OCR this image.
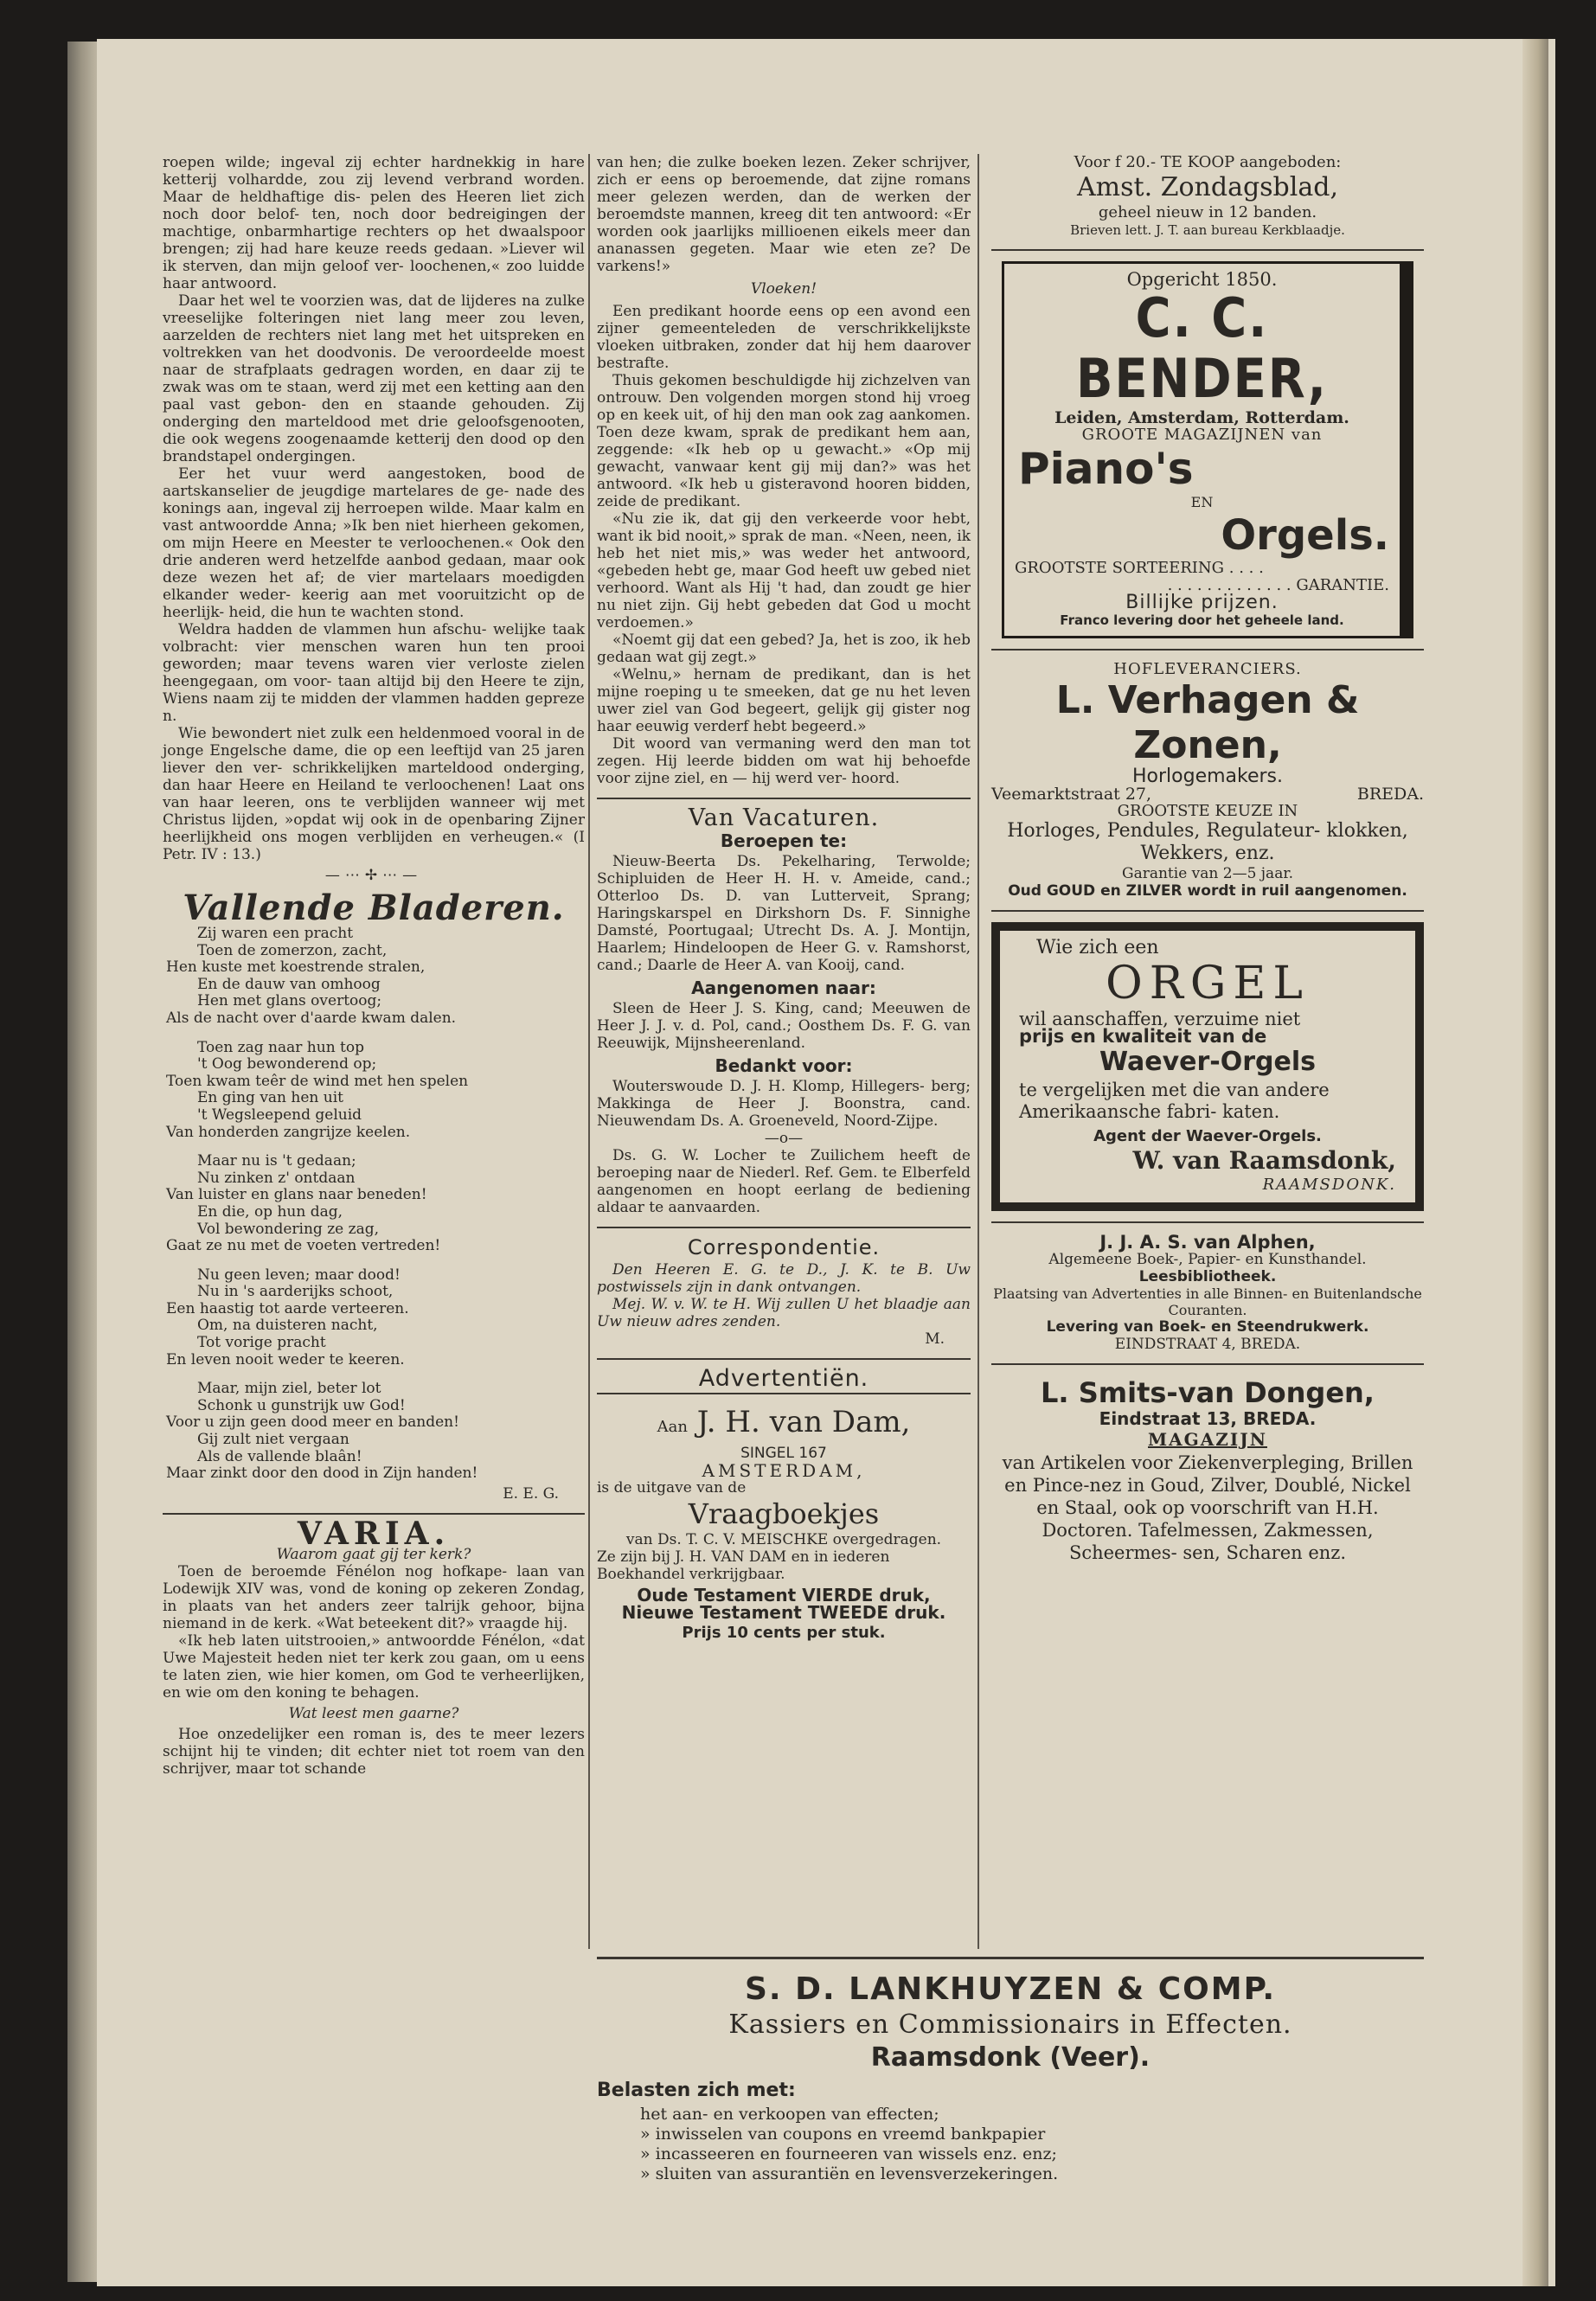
roepen wilde; ingeval zij echter hardnekkig in hare ketterij volhardde, zou zij levend verbrand worden. Maar de heldhaftige dis- pelen des Heeren liet zich noch door belof- ten, noch door bedreigingen der machtige, onbarmhartige rechters op het dwaalspoor brengen; zij had hare keuze reeds gedaan. »Liever wil ik sterven, dan mijn geloof ver- loochenen,« zoo luidde haar antwoord.

Daar het wel te voorzien was, dat de lijderes na zulke vreeselijke folteringen niet lang meer zou leven, aarzelden de rechters niet lang met het uitspreken en voltrekken van het doodvonis. De veroordeelde moest naar de strafplaats gedragen worden, en daar zij te zwak was om te staan, werd zij met een ketting aan den paal vast gebon- den en staande gehouden. Zij onderging den marteldood met drie geloofsgenooten, die ook wegens zoogenaamde ketterij den dood op den brandstapel ondergingen.

Eer het vuur werd aangestoken, bood de aartskanselier de jeugdige martelares de ge- nade des konings aan, ingeval zij herroepen wilde. Maar kalm en vast antwoordde Anna; »Ik ben niet hierheen gekomen, om mijn Heere en Meester te verloochenen.« Ook den drie anderen werd hetzelfde aanbod gedaan, maar ook deze wezen het af; de vier martelaars moedigden elkander weder- keerig aan met vooruitzicht op de heerlijk- heid, die hun te wachten stond.

Weldra hadden de vlammen hun afschu- welijke taak volbracht: vier menschen waren hun ten prooi geworden; maar tevens waren vier verloste zielen heengegaan, om voor- taan altijd bij den Heere te zijn, Wiens naam zij te midden der vlammen hadden gepreze n.

Wie bewondert niet zulk een heldenmoed vooral in de jonge Engelsche dame, die op een leeftijd van 25 jaren liever den ver- schrikkelijken marteldood onderging, dan haar Heere en Heiland te verloochenen! Laat ons van haar leeren, ons te verblijden wanneer wij met Christus lijden, »opdat wij ook in de openbaring Zijner heerlijkheid ons mogen verblijden en verheugen.« (I Petr. IV : 13.)

—⋯✢⋯—
Vallende Bladeren.
Zij waren een pracht
Toen de zomerzon, zacht,
Hen kuste met koestrende stralen,
En de dauw van omhoog
Hen met glans overtoog;
Als de nacht over d'aarde kwam dalen.
Toen zag naar hun top
't Oog bewonderend op;
Toen kwam teêr de wind met hen spelen
En ging van hen uit
't Wegsleepend geluid
Van honderden zangrijze keelen.
Maar nu is 't gedaan;
Nu zinken z' ontdaan
Van luister en glans naar beneden!
En die, op hun dag,
Vol bewondering ze zag,
Gaat ze nu met de voeten vertreden!
Nu geen leven; maar dood!
Nu in 's aarderijks schoot,
Een haastig tot aarde verteeren.
Om, na duisteren nacht,
Tot vorige pracht
En leven nooit weder te keeren.
Maar, mijn ziel, beter lot
Schonk u gunstrijk uw God!
Voor u zijn geen dood meer en banden!
Gij zult niet vergaan
Als de vallende blaân!
Maar zinkt door den dood in Zijn handen!
E. E. G.
VARIA.
Waarom gaat gij ter kerk?

Toen de beroemde Fénélon nog hofkape- laan van Lodewijk XIV was, vond de koning op zekeren Zondag, in plaats van het anders zeer talrijk gehoor, bijna niemand in de kerk. «Wat beteekent dit?» vraagde hij.

«Ik heb laten uitstrooien,» antwoordde Fénélon, «dat Uwe Majesteit heden niet ter kerk zou gaan, om u eens te laten zien, wie hier komen, om God te verheerlijken, en wie om den koning te behagen.

Wat leest men gaarne?

Hoe onzedelijker een roman is, des te meer lezers schijnt hij te vinden; dit echter niet tot roem van den schrijver, maar tot schande

van hen; die zulke boeken lezen. Zeker schrijver, zich er eens op beroemende, dat zijne romans meer gelezen werden, dan de werken der beroemdste mannen, kreeg dit ten antwoord: «Er worden ook jaarlijks millioenen eikels meer dan ananassen gegeten. Maar wie eten ze? De varkens!»

Vloeken!

Een predikant hoorde eens op een avond een zijner gemeenteleden de verschrikkelijkste vloeken uitbraken, zonder dat hij hem daarover bestrafte.

Thuis gekomen beschuldigde hij zichzelven van ontrouw. Den volgenden morgen stond hij vroeg op en keek uit, of hij den man ook zag aankomen. Toen deze kwam, sprak de predikant hem aan, zeggende: «Ik heb op u gewacht.» «Op mij gewacht, vanwaar kent gij mij dan?» was het antwoord. «Ik heb u gisteravond hooren bidden, zeide de predikant.

«Nu zie ik, dat gij den verkeerde voor hebt, want ik bid nooit,» sprak de man. «Neen, neen, ik heb het niet mis,» was weder het antwoord, «gebeden hebt ge, maar God heeft uw gebed niet verhoord. Want als Hij 't had, dan zoudt ge hier nu niet zijn. Gij hebt gebeden dat God u mocht verdoemen.»

«Noemt gij dat een gebed? Ja, het is zoo, ik heb gedaan wat gij zegt.»

«Welnu,» hernam de predikant, dan is het mijne roeping u te smeeken, dat ge nu het leven uwer ziel van God begeert, gelijk gij gister nog haar eeuwig verderf hebt begeerd.»

Dit woord van vermaning werd den man tot zegen. Hij leerde bidden om wat hij behoefde voor zijne ziel, en — hij werd ver- hoord.

Van Vacaturen.
Beroepen te:

Nieuw-Beerta Ds. Pekelharing, Terwolde; Schipluiden de Heer H. H. v. Ameide, cand.; Otterloo Ds. D. van Lutterveit, Sprang; Haringskarspel en Dirkshorn Ds. F. Sinnighe Damsté, Poortugaal; Utrecht Ds. A. J. Montijn, Haarlem; Hindeloopen de Heer G. v. Ramshorst, cand.; Daarle de Heer A. van Kooij, cand.

Aangenomen naar:

Sleen de Heer J. S. King, cand; Meeuwen de Heer J. J. v. d. Pol, cand.; Oosthem Ds. F. G. van Reeuwijk, Mijnsheerenland.

Bedankt voor:

Wouterswoude D. J. H. Klomp, Hillegers- berg; Makkinga de Heer J. Boonstra, cand. Nieuwendam Ds. A. Groeneveld, Noord-Zijpe.

—o—

Ds. G. W. Locher te Zuilichem heeft de beroeping naar de Niederl. Ref. Gem. te Elberfeld aangenomen en hoopt eerlang de bediening aldaar te aanvaarden.

Correspondentie.

Den Heeren E. G. te D., J. K. te B. Uw postwissels zijn in dank ontvangen.

Mej. W. v. W. te H. Wij zullen U het blaadje aan Uw nieuw adres zenden.

M.
Advertentiën.
Aan J. H. van Dam,
SINGEL 167
AMSTERDAM,
is de uitgave van de
Vraagboekjes
van Ds. T. C. V. MEISCHKE overgedragen.
Ze zijn bij J. H. VAN DAM en in iederen Boekhandel verkrijgbaar.
Oude Testament VIERDE druk,
Nieuwe Testament TWEEDE druk.
Prijs 10 cents per stuk.
Voor f 20.- TE KOOP aangeboden:
Amst. Zondagsblad,
geheel nieuw in 12 banden.
Brieven lett. J. T. aan bureau Kerkblaadje.
Opgericht 1850.
C. C. BENDER,
Leiden, Amsterdam, Rotterdam.
GROOTE MAGAZIJNEN van
Piano's
EN
Orgels.
GROOTSTE SORTEERING . . . .
. . . . . . . . . . . . . GARANTIE.
Billijke prijzen.
Franco levering door het geheele land.
HOFLEVERANCIERS.
L. Verhagen & Zonen,
Horlogemakers.
Veemarktstraat 27,	BREDA.
GROOTSTE KEUZE IN
Horloges, Pendules, Regulateur- klokken, Wekkers, enz.
Garantie van 2—5 jaar.
Oud GOUD en ZILVER wordt in ruil aangenomen.
Wie zich een
ORGEL
wil aanschaffen, verzuime niet
prijs en kwaliteit van de
Waever-Orgels
te vergelijken met die van andere Amerikaansche fabri- katen.
Agent der Waever-Orgels.
W. van Raamsdonk,
RAAMSDONK.
J. J. A. S. van Alphen,
Algemeene Boek-, Papier- en Kunsthandel.
Leesbibliotheek.
Plaatsing van Advertenties in alle Binnen- en Buitenlandsche Couranten.
Levering van Boek- en Steendrukwerk.
EINDSTRAAT 4, BREDA.
L. Smits-van Dongen,
Eindstraat 13, BREDA.
MAGAZIJN
van Artikelen voor Ziekenverpleging, Brillen en Pince-nez in Goud, Zilver, Doublé, Nickel en Staal, ook op voorschrift van H.H. Doctoren. Tafelmessen, Zakmessen, Scheermes- sen, Scharen enz.
S. D. LANKHUYZEN & COMP.
Kassiers en Commissionairs in Effecten.
Raamsdonk (Veer).
Belasten zich met:
het aan- en verkoopen van effecten;
» inwisselen van coupons en vreemd bankpapier
» incasseeren en fourneeren van wissels enz. enz;
» sluiten van assurantiën en levensverzekeringen.
